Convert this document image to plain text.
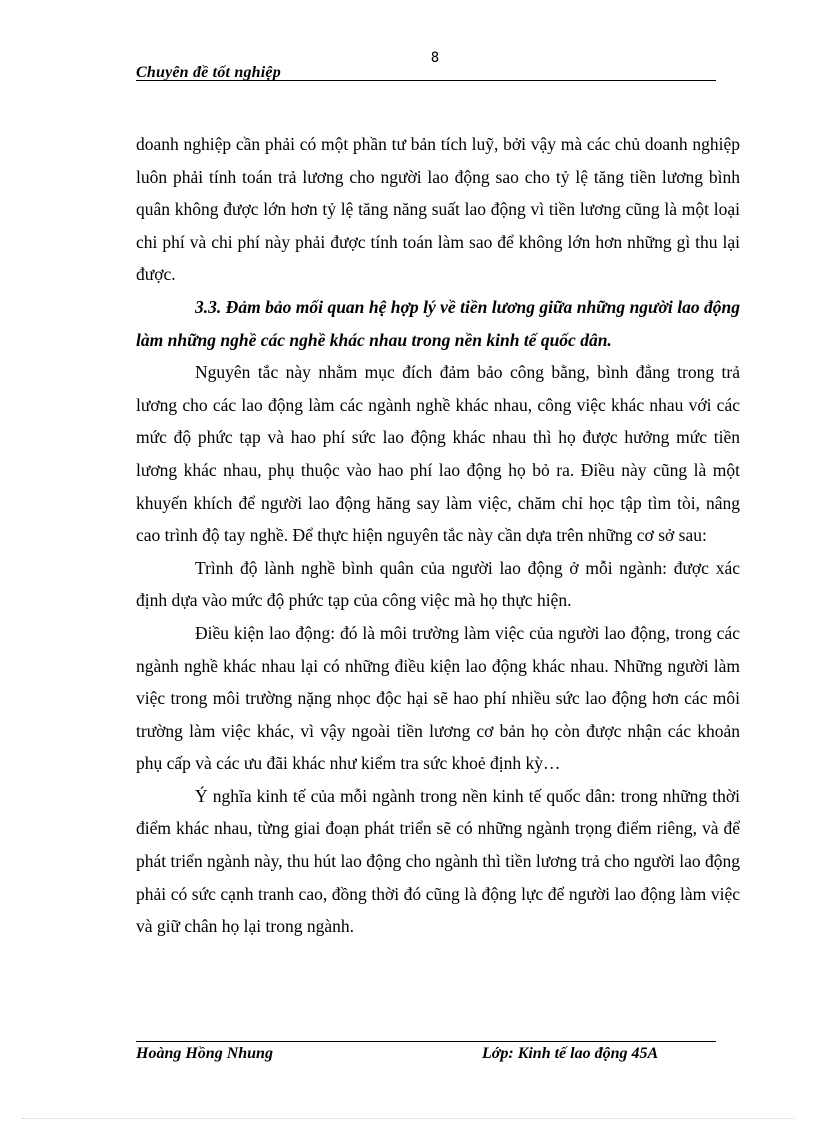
8
Chuyên đề tốt nghiệp

doanh nghiệp cần phải có một phần tư bản tích luỹ, bởi vậy mà các chủ doanh nghiệp luôn phải tính toán trả lương cho người lao động sao cho tỷ lệ tăng tiền lương bình quân không được lớn hơn tỷ lệ tăng năng suất lao động vì tiền lương cũng là một loại chi phí và chi phí này phải được tính toán làm sao để không lớn hơn những gì thu lại được.

3.3. Đảm bảo mối quan hệ hợp lý về tiền lương giữa những người lao động làm những nghề các nghề khác nhau trong nền kinh tế quốc dân.

Nguyên tắc này nhằm mục đích đảm bảo công bằng, bình đẳng trong trả lương cho các lao động làm các ngành nghề khác nhau, công việc khác nhau với các mức độ phức tạp và hao phí sức lao động khác nhau thì họ được hưởng mức tiền lương khác nhau, phụ thuộc vào hao phí lao động họ bỏ ra. Điều này cũng là một khuyến khích để người lao động hăng say làm việc, chăm chỉ học tập tìm tòi, nâng cao trình độ tay nghề. Để thực hiện nguyên tắc này cần dựa trên những cơ sở sau:

Trình độ lành nghề bình quân của người lao động ở mỗi ngành: được xác định dựa vào mức độ phức tạp của công việc mà họ thực hiện.

Điều kiện lao động: đó là môi trường làm việc của người lao động, trong các ngành nghề khác nhau lại có những điều kiện lao động khác nhau. Những người làm việc trong môi trường nặng nhọc độc hại sẽ hao phí nhiều sức lao động hơn các môi trường làm việc khác, vì vậy ngoài tiền lương cơ bản họ còn được nhận các khoản phụ cấp và các ưu đãi khác như kiểm tra sức khoẻ định kỳ…

Ý nghĩa kinh tế của mỗi ngành trong nền kinh tế quốc dân: trong những thời điểm khác nhau, từng giai đoạn phát triển sẽ có những ngành trọng điểm riêng, và để phát triển ngành này, thu hút lao động cho ngành thì tiền lương trả cho người lao động phải có sức cạnh tranh cao, đồng thời đó cũng là động lực để người lao động làm việc và giữ chân họ lại trong ngành.

Hoàng Hồng Nhung	Lớp: Kinh tế lao động 45A
